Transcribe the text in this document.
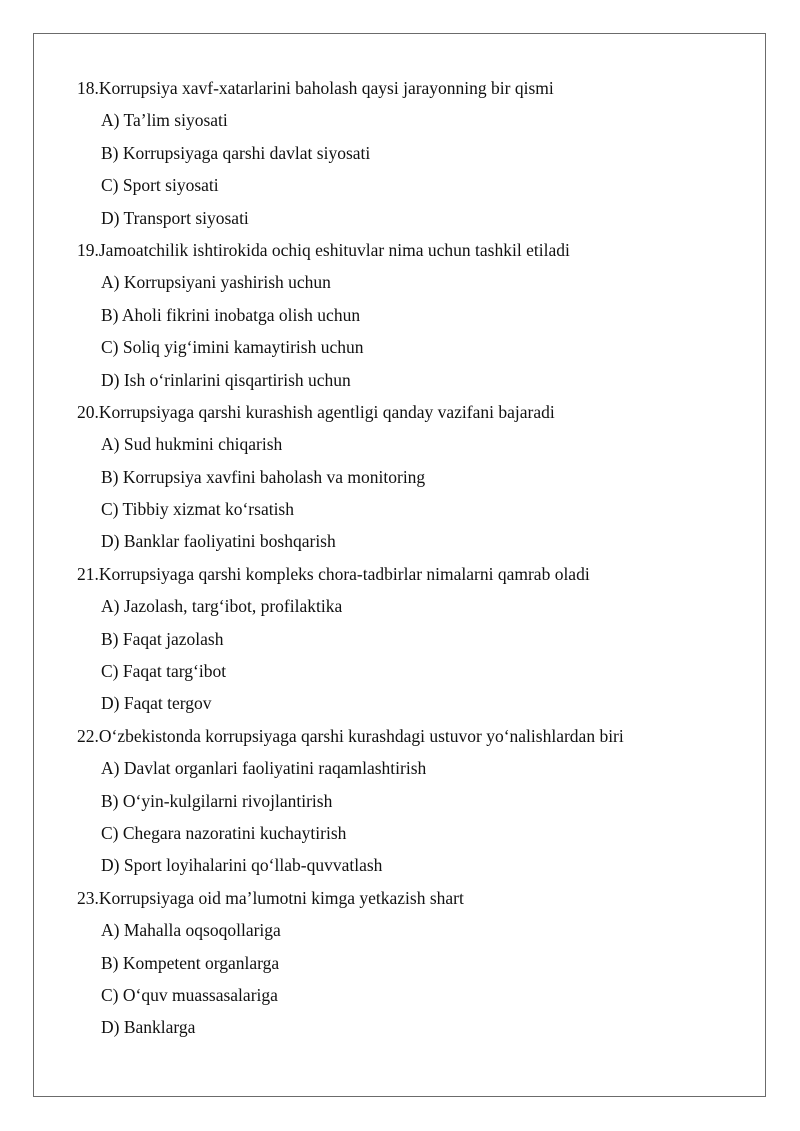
18.Korrupsiya xavf-xatarlarini baholash qaysi jarayonning bir qismi
A) Ta’lim siyosati
B) Korrupsiyaga qarshi davlat siyosati
C) Sport siyosati
D) Transport siyosati
19.Jamoatchilik ishtirokida ochiq eshituvlar nima uchun tashkil etiladi
A) Korrupsiyani yashirish uchun
B) Aholi fikrini inobatga olish uchun
C) Soliq yig‘imini kamaytirish uchun
D) Ish o‘rinlarini qisqartirish uchun
20.Korrupsiyaga qarshi kurashish agentligi qanday vazifani bajaradi
A) Sud hukmini chiqarish
B) Korrupsiya xavfini baholash va monitoring
C) Tibbiy xizmat ko‘rsatish
D) Banklar faoliyatini boshqarish
21.Korrupsiyaga qarshi kompleks chora-tadbirlar nimalarni qamrab oladi
A) Jazolash, targ‘ibot, profilaktika
B) Faqat jazolash
C) Faqat targ‘ibot
D) Faqat tergov
22.O‘zbekistonda korrupsiyaga qarshi kurashdagi ustuvor yo‘nalishlardan biri
A) Davlat organlari faoliyatini raqamlashtirish
B) O‘yin-kulgilarni rivojlantirish
C) Chegara nazoratini kuchaytirish
D) Sport loyihalarini qo‘llab-quvvatlash
23.Korrupsiyaga oid ma’lumotni kimga yetkazish shart
A) Mahalla oqsoqollariga
B) Kompetent organlarga
C) O‘quv muassasalariga
D) Banklarga
